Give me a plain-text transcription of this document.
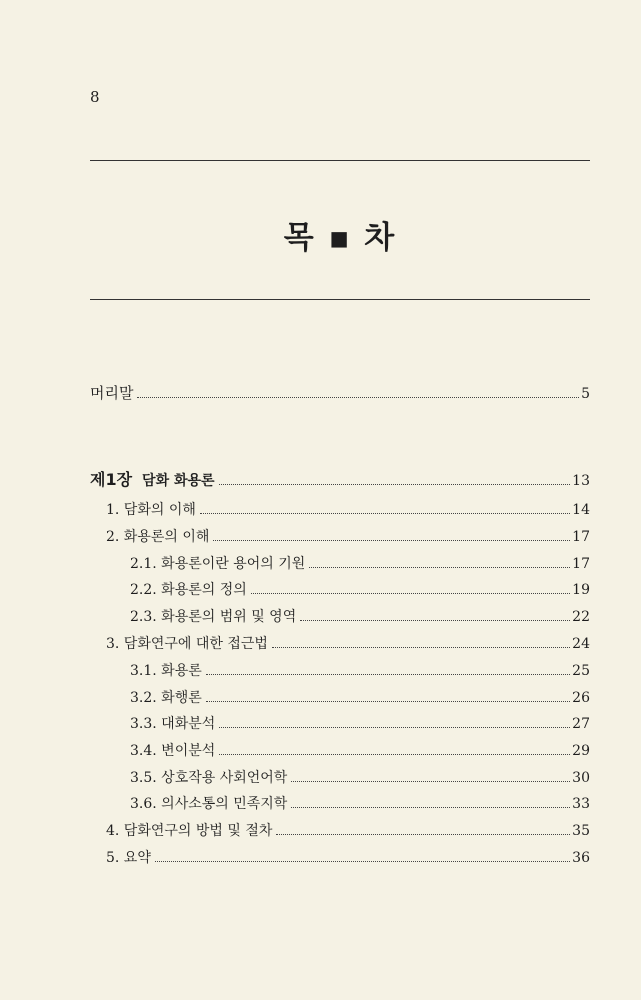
8
목 ▪ 차
머리말	5
제1장 담화 화용론	13
1. 담화의 이해	14
2. 화용론의 이해	17
2.1. 화용론이란 용어의 기원	17
2.2. 화용론의 정의	19
2.3. 화용론의 범위 및 영역	22
3. 담화연구에 대한 접근법	24
3.1. 화용론	25
3.2. 화행론	26
3.3. 대화분석	27
3.4. 변이분석	29
3.5. 상호작용 사회언어학	30
3.6. 의사소통의 민족지학	33
4. 담화연구의 방법 및 절차	35
5. 요약	36
